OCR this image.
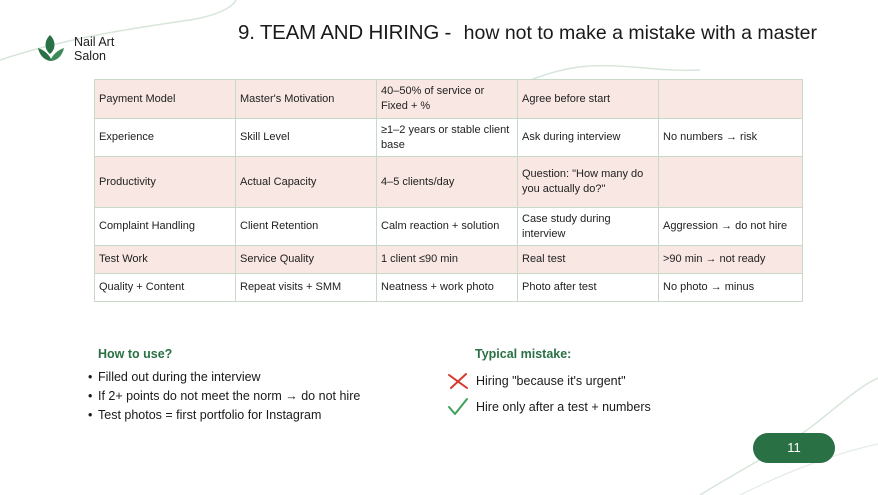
Nail Art
Salon
9. TEAM AND HIRING - how not to make a mistake with a master
Payment Model	Master's Motivation	40–50% of service or Fixed + %	Agree before start	
Experience	Skill Level	≥1–2 years or stable client base	Ask during interview	No numbers → risk
Productivity	Actual Capacity	4–5 clients/day	Question: "How many do you actually do?"	
Complaint Handling	Client Retention	Calm reaction + solution	Case study during interview	Aggression → do not hire
Test Work	Service Quality	1 client ≤90 min	Real test	>90 min → not ready
Quality + Content	Repeat visits + SMM	Neatness + work photo	Photo after test	No photo → minus
How to use?
• Filled out during the interview
• If 2+ points do not meet the norm → do not hire
• Test photos = first portfolio for Instagram
Typical mistake:
Hiring "because it's urgent"
Hire only after a test + numbers
11
